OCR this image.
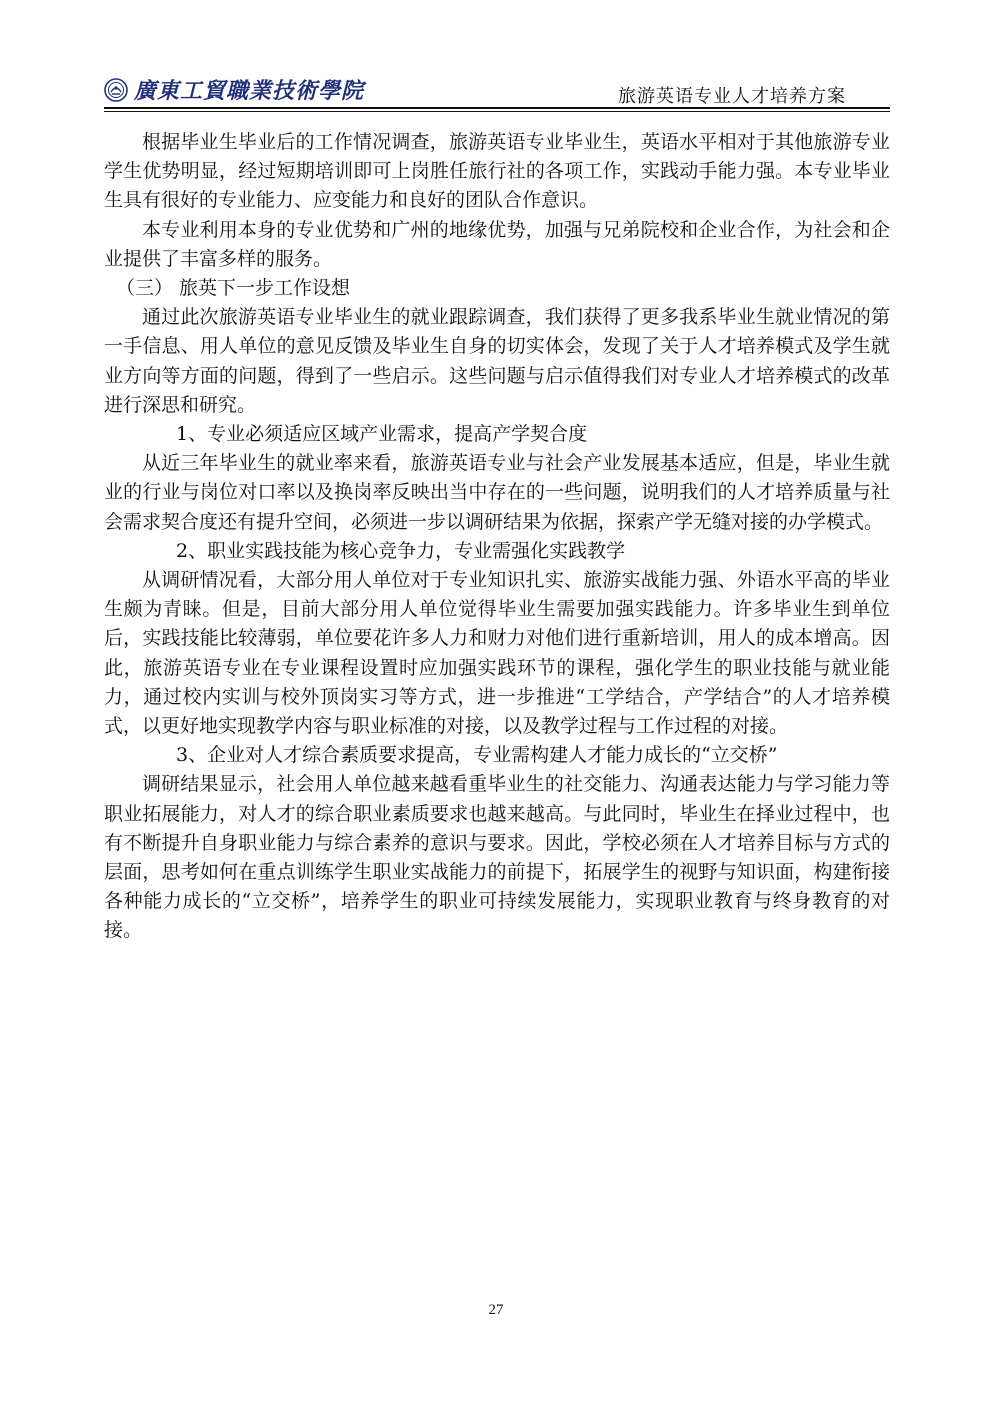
廣東工貿職業技術學院	旅游英语专业人才培养方案

根据毕业生毕业后的工作情况调查，旅游英语专业毕业生，英语水平相对于其他旅游专业学生优势明显，经过短期培训即可上岗胜任旅行社的各项工作，实践动手能力强。本专业毕业生具有很好的专业能力、应变能力和良好的团队合作意识。

本专业利用本身的专业优势和广州的地缘优势，加强与兄弟院校和企业合作，为社会和企业提供了丰富多样的服务。

（三） 旅英下一步工作设想

通过此次旅游英语专业毕业生的就业跟踪调查，我们获得了更多我系毕业生就业情况的第一手信息、用人单位的意见反馈及毕业生自身的切实体会，发现了关于人才培养模式及学生就业方向等方面的问题，得到了一些启示。这些问题与启示值得我们对专业人才培养模式的改革进行深思和研究。

1、专业必须适应区域产业需求，提高产学契合度

从近三年毕业生的就业率来看，旅游英语专业与社会产业发展基本适应，但是，毕业生就业的行业与岗位对口率以及换岗率反映出当中存在的一些问题，说明我们的人才培养质量与社会需求契合度还有提升空间，必须进一步以调研结果为依据，探索产学无缝对接的办学模式。

2、职业实践技能为核心竞争力，专业需强化实践教学

从调研情况看，大部分用人单位对于专业知识扎实、旅游实战能力强、外语水平高的毕业生颇为青睐。但是，目前大部分用人单位觉得毕业生需要加强实践能力。许多毕业生到单位后，实践技能比较薄弱，单位要花许多人力和财力对他们进行重新培训，用人的成本增高。因此，旅游英语专业在专业课程设置时应加强实践环节的课程，强化学生的职业技能与就业能力，通过校内实训与校外顶岗实习等方式，进一步推进“工学结合，产学结合”的人才培养模式，以更好地实现教学内容与职业标准的对接，以及教学过程与工作过程的对接。

3、企业对人才综合素质要求提高，专业需构建人才能力成长的“立交桥”

调研结果显示，社会用人单位越来越看重毕业生的社交能力、沟通表达能力与学习能力等职业拓展能力，对人才的综合职业素质要求也越来越高。与此同时，毕业生在择业过程中，也有不断提升自身职业能力与综合素养的意识与要求。因此，学校必须在人才培养目标与方式的层面，思考如何在重点训练学生职业实战能力的前提下，拓展学生的视野与知识面，构建衔接各种能力成长的“立交桥”，培养学生的职业可持续发展能力，实现职业教育与终身教育的对接。

27
